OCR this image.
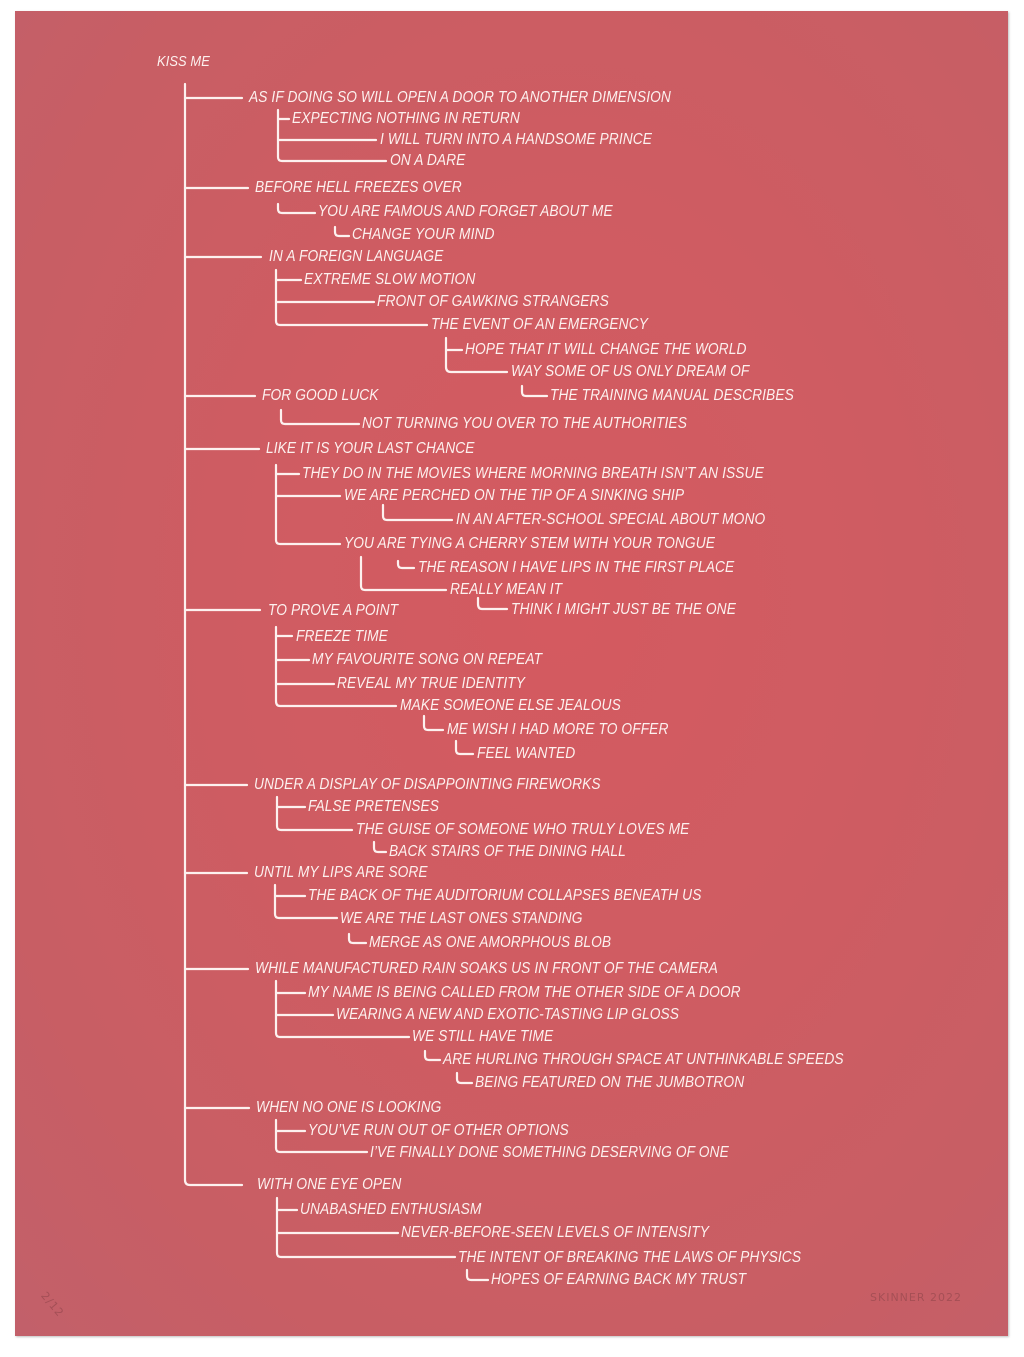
KISS ME
AS IF DOING SO WILL OPEN A DOOR TO ANOTHER DIMENSION
EXPECTING NOTHING IN RETURN
I WILL TURN INTO A HANDSOME PRINCE
ON A DARE
BEFORE HELL FREEZES OVER
YOU ARE FAMOUS AND FORGET ABOUT ME
CHANGE YOUR MIND
IN A FOREIGN LANGUAGE
EXTREME SLOW MOTION
FRONT OF GAWKING STRANGERS
THE EVENT OF AN EMERGENCY
HOPE THAT IT WILL CHANGE THE WORLD
WAY SOME OF US ONLY DREAM OF
FOR GOOD LUCK	THE TRAINING MANUAL DESCRIBES
NOT TURNING YOU OVER TO THE AUTHORITIES
LIKE IT IS YOUR LAST CHANCE
THEY DO IN THE MOVIES WHERE MORNING BREATH ISN’T AN ISSUE
WE ARE PERCHED ON THE TIP OF A SINKING SHIP
IN AN AFTER-SCHOOL SPECIAL ABOUT MONO
YOU ARE TYING A CHERRY STEM WITH YOUR TONGUE
THE REASON I HAVE LIPS IN THE FIRST PLACE
REALLY MEAN IT
TO PROVE A POINT	THINK I MIGHT JUST BE THE ONE
FREEZE TIME
MY FAVOURITE SONG ON REPEAT
REVEAL MY TRUE IDENTITY
MAKE SOMEONE ELSE JEALOUS
ME WISH I HAD MORE TO OFFER
FEEL WANTED
UNDER A DISPLAY OF DISAPPOINTING FIREWORKS
FALSE PRETENSES
THE GUISE OF SOMEONE WHO TRULY LOVES ME
BACK STAIRS OF THE DINING HALL
UNTIL MY LIPS ARE SORE
THE BACK OF THE AUDITORIUM COLLAPSES BENEATH US
WE ARE THE LAST ONES STANDING
MERGE AS ONE AMORPHOUS BLOB
WHILE MANUFACTURED RAIN SOAKS US IN FRONT OF THE CAMERA
MY NAME IS BEING CALLED FROM THE OTHER SIDE OF A DOOR
WEARING A NEW AND EXOTIC-TASTING LIP GLOSS
WE STILL HAVE TIME
ARE HURLING THROUGH SPACE AT UNTHINKABLE SPEEDS
BEING FEATURED ON THE JUMBOTRON
WHEN NO ONE IS LOOKING
YOU’VE RUN OUT OF OTHER OPTIONS
I’VE FINALLY DONE SOMETHING DESERVING OF ONE
WITH ONE EYE OPEN
UNABASHED ENTHUSIASM
NEVER-BEFORE-SEEN LEVELS OF INTENSITY
THE INTENT OF BREAKING THE LAWS OF PHYSICS
HOPES OF EARNING BACK MY TRUST
2/12	SKINNER 2022
